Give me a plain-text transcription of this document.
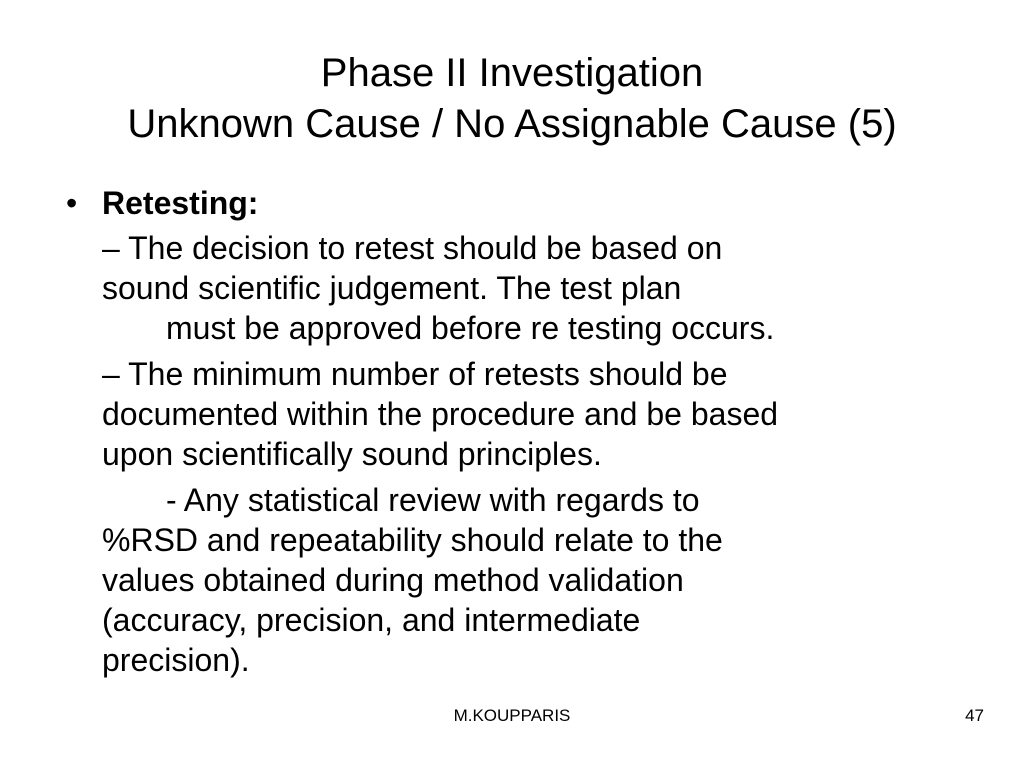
Phase II Investigation
Unknown Cause / No Assignable Cause (5)
• Retesting:
– The decision to retest should be based on
sound scientific judgement. The test plan
must be approved before re testing occurs.
– The minimum number of retests should be
documented within the procedure and be based
upon scientifically sound principles.
- Any statistical review with regards to
%RSD and repeatability should relate to the
values obtained during method validation
(accuracy, precision, and intermediate
precision).
M.KOUPPARIS	47
